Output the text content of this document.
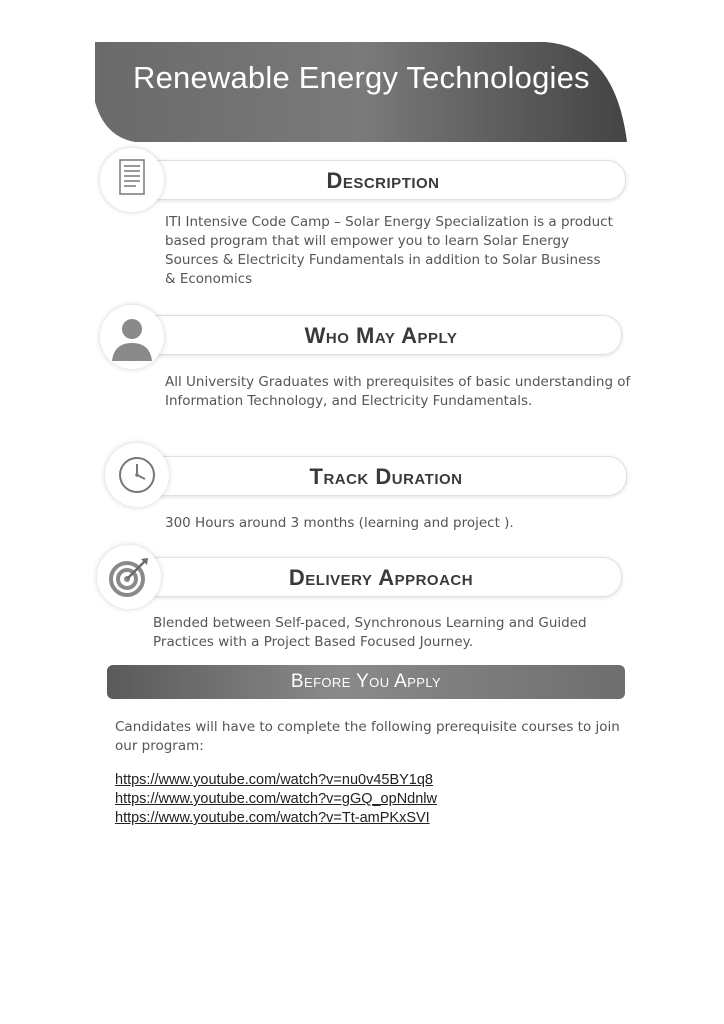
Renewable Energy Technologies
Description
ITI Intensive Code Camp – Solar Energy Specialization is a product based program that will empower you to learn Solar Energy Sources & Electricity Fundamentals in addition to Solar Business & Economics
Who May Apply
All University Graduates with prerequisites of basic understanding of Information Technology, and Electricity Fundamentals.
Track Duration
300 Hours around 3 months (learning and project ).
Delivery Approach
Blended between Self-paced, Synchronous Learning and Guided Practices with a Project Based Focused Journey.
Before You Apply
Candidates will have to complete the following prerequisite courses to join our program:
https://www.youtube.com/watch?v=nu0v45BY1q8
https://www.youtube.com/watch?v=gGQ_opNdnlw
https://www.youtube.com/watch?v=Tt-amPKxSVI
